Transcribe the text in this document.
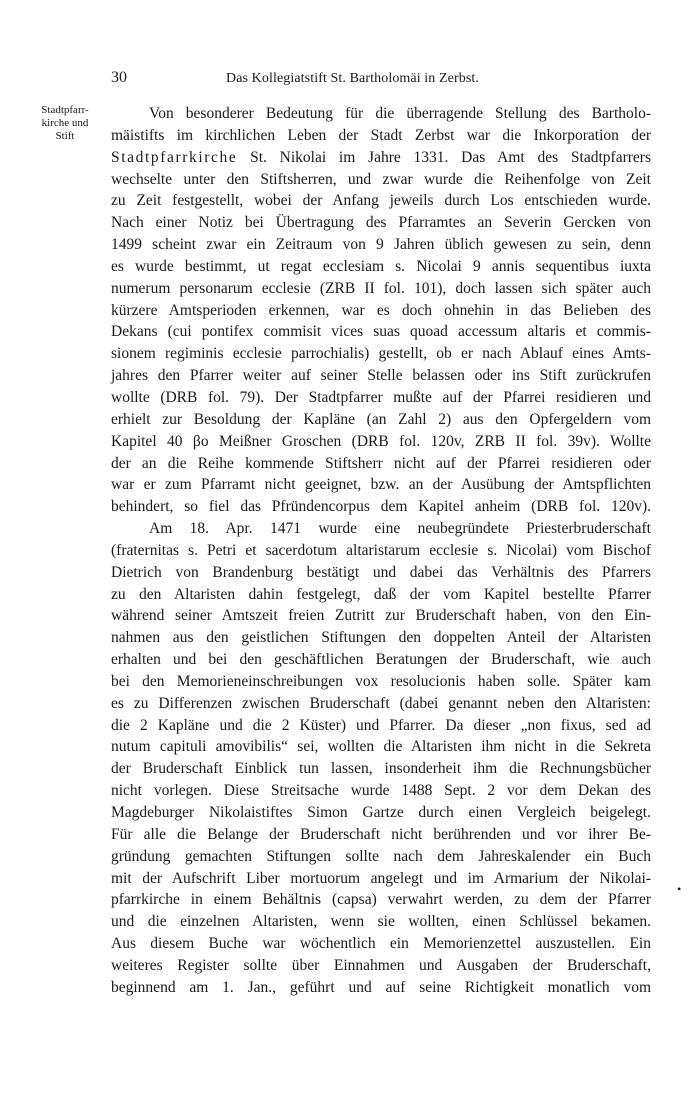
30	Das Kollegiatstift St. Bartholomäi in Zerbst.
Stadtpfarr-
kirche und
Stift
Von besonderer Bedeutung für die überragende Stellung des Bartholo-
mäistifts im kirchlichen Leben der Stadt Zerbst war die Inkorporation der
Stadtpfarrkirche St. Nikolai im Jahre 1331. Das Amt des Stadtpfarrers
wechselte unter den Stiftsherren, und zwar wurde die Reihenfolge von Zeit
zu Zeit festgestellt, wobei der Anfang jeweils durch Los entschieden wurde.
Nach einer Notiz bei Übertragung des Pfarramtes an Severin Gercken von
1499 scheint zwar ein Zeitraum von 9 Jahren üblich gewesen zu sein, denn
es wurde bestimmt, ut regat ecclesiam s. Nicolai 9 annis sequentibus iuxta
numerum personarum ecclesie (ZRB II fol. 101), doch lassen sich später auch
kürzere Amtsperioden erkennen, war es doch ohnehin in das Belieben des
Dekans (cui pontifex commisit vices suas quoad accessum altaris et commis-
sionem regiminis ecclesie parrochialis) gestellt, ob er nach Ablauf eines Amts-
jahres den Pfarrer weiter auf seiner Stelle belassen oder ins Stift zurückrufen
wollte (DRB fol. 79). Der Stadtpfarrer mußte auf der Pfarrei residieren und
erhielt zur Besoldung der Kapläne (an Zahl 2) aus den Opfergeldern vom
Kapitel 40 βo Meißner Groschen (DRB fol. 120v, ZRB II fol. 39v). Wollte
der an die Reihe kommende Stiftsherr nicht auf der Pfarrei residieren oder
war er zum Pfarramt nicht geeignet, bzw. an der Ausübung der Amtspflichten
behindert, so fiel das Pfründencorpus dem Kapitel anheim (DRB fol. 120v).
Am 18. Apr. 1471 wurde eine neubegründete Priesterbruderschaft
(fraternitas s. Petri et sacerdotum altaristarum ecclesie s. Nicolai) vom Bischof
Dietrich von Brandenburg bestätigt und dabei das Verhältnis des Pfarrers
zu den Altaristen dahin festgelegt, daß der vom Kapitel bestellte Pfarrer
während seiner Amtszeit freien Zutritt zur Bruderschaft haben, von den Ein-
nahmen aus den geistlichen Stiftungen den doppelten Anteil der Altaristen
erhalten und bei den geschäftlichen Beratungen der Bruderschaft, wie auch
bei den Memorieneinschreibungen vox resolucionis haben solle. Später kam
es zu Differenzen zwischen Bruderschaft (dabei genannt neben den Altaristen:
die 2 Kapläne und die 2 Küster) und Pfarrer. Da dieser „non fixus, sed ad
nutum capituli amovibilis“ sei, wollten die Altaristen ihm nicht in die Sekreta
der Bruderschaft Einblick tun lassen, insonderheit ihm die Rechnungsbücher
nicht vorlegen. Diese Streitsache wurde 1488 Sept. 2 vor dem Dekan des
Magdeburger Nikolaistiftes Simon Gartze durch einen Vergleich beigelegt.
Für alle die Belange der Bruderschaft nicht berührenden und vor ihrer Be-
gründung gemachten Stiftungen sollte nach dem Jahreskalender ein Buch
mit der Aufschrift Liber mortuorum angelegt und im Armarium der Nikolai-
pfarrkirche in einem Behältnis (capsa) verwahrt werden, zu dem der Pfarrer
und die einzelnen Altaristen, wenn sie wollten, einen Schlüssel bekamen.
Aus diesem Buche war wöchentlich ein Memorienzettel auszustellen. Ein
weiteres Register sollte über Einnahmen und Ausgaben der Bruderschaft,
beginnend am 1. Jan., geführt und auf seine Richtigkeit monatlich vom
•
